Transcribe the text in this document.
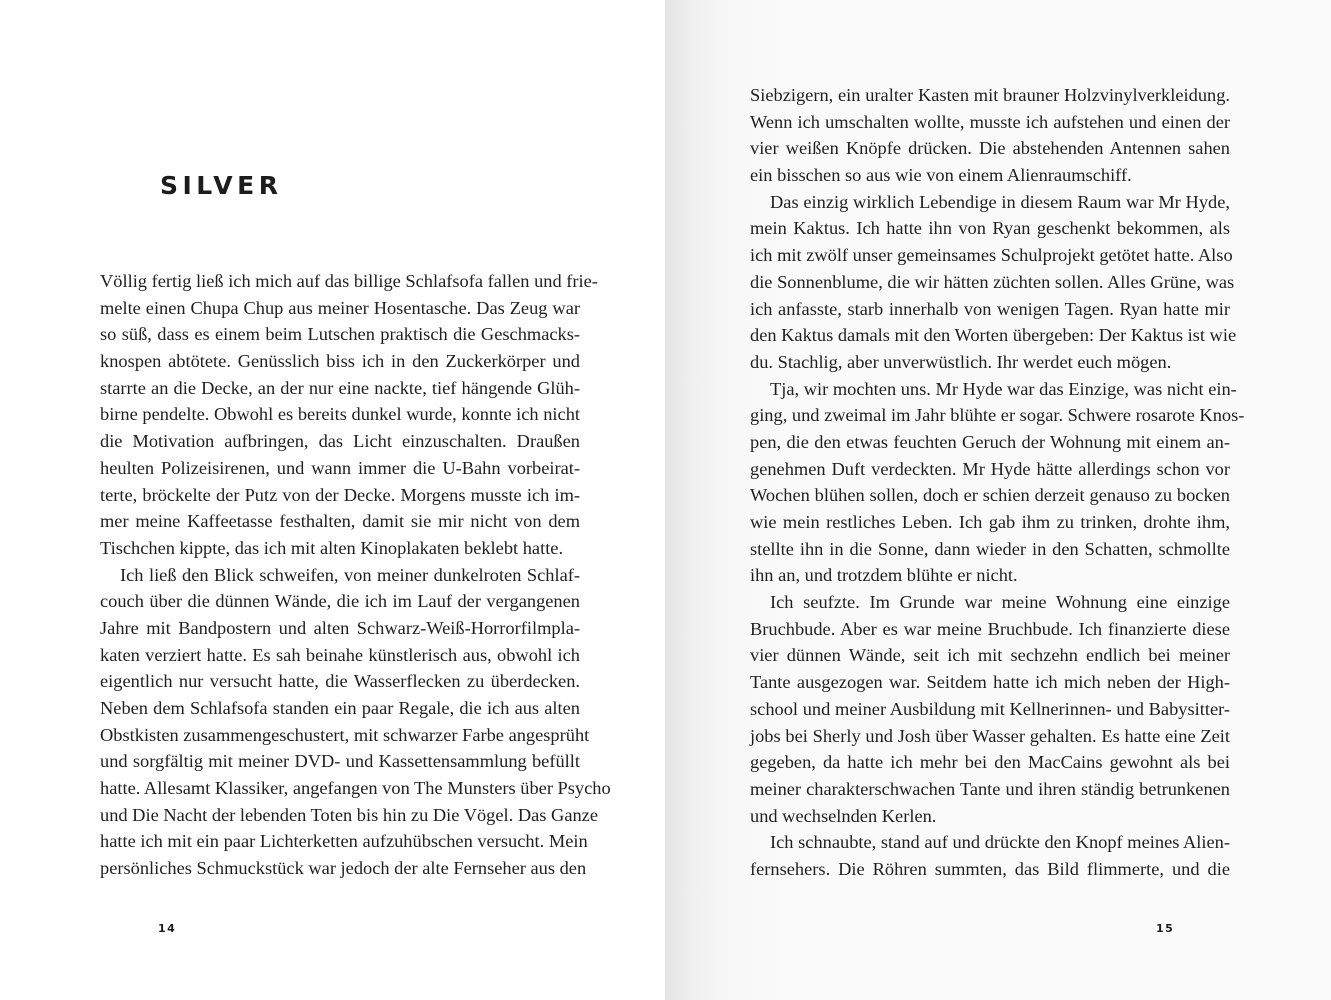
SILVER
Völlig fertig ließ ich mich auf das billige Schlafsofa fallen und frie-
melte einen Chupa Chup aus meiner Hosentasche. Das Zeug war
so süß, dass es einem beim Lutschen praktisch die Geschmacks-
knospen abtötete. Genüsslich biss ich in den Zuckerkörper und
starrte an die Decke, an der nur eine nackte, tief hängende Glüh-
birne pendelte. Obwohl es bereits dunkel wurde, konnte ich nicht
die Motivation aufbringen, das Licht einzuschalten. Draußen
heulten Polizeisirenen, und wann immer die U-Bahn vorbeirat-
terte, bröckelte der Putz von der Decke. Morgens musste ich im-
mer meine Kaffeetasse festhalten, damit sie mir nicht von dem
Tischchen kippte, das ich mit alten Kinoplakaten beklebt hatte.
Ich ließ den Blick schweifen, von meiner dunkelroten Schlaf-
couch über die dünnen Wände, die ich im Lauf der vergangenen
Jahre mit Bandpostern und alten Schwarz-Weiß-Horrorfilmpla-
katen verziert hatte. Es sah beinahe künstlerisch aus, obwohl ich
eigentlich nur versucht hatte, die Wasserflecken zu überdecken.
Neben dem Schlafsofa standen ein paar Regale, die ich aus alten
Obstkisten zusammengeschustert, mit schwarzer Farbe angesprüht
und sorgfältig mit meiner DVD- und Kassettensammlung befüllt
hatte. Allesamt Klassiker, angefangen von The Munsters über Psycho
und Die Nacht der lebenden Toten bis hin zu Die Vögel. Das Ganze
hatte ich mit ein paar Lichterketten aufzuhübschen versucht. Mein
persönliches Schmuckstück war jedoch der alte Fernseher aus den
14
Siebzigern, ein uralter Kasten mit brauner Holzvinylverkleidung.
Wenn ich umschalten wollte, musste ich aufstehen und einen der
vier weißen Knöpfe drücken. Die abstehenden Antennen sahen
ein bisschen so aus wie von einem Alienraumschiff.
Das einzig wirklich Lebendige in diesem Raum war Mr Hyde,
mein Kaktus. Ich hatte ihn von Ryan geschenkt bekommen, als
ich mit zwölf unser gemeinsames Schulprojekt getötet hatte. Also
die Sonnenblume, die wir hätten züchten sollen. Alles Grüne, was
ich anfasste, starb innerhalb von wenigen Tagen. Ryan hatte mir
den Kaktus damals mit den Worten übergeben: Der Kaktus ist wie
du. Stachlig, aber unverwüstlich. Ihr werdet euch mögen.
Tja, wir mochten uns. Mr Hyde war das Einzige, was nicht ein-
ging, und zweimal im Jahr blühte er sogar. Schwere rosarote Knos-
pen, die den etwas feuchten Geruch der Wohnung mit einem an-
genehmen Duft verdeckten. Mr Hyde hätte allerdings schon vor
Wochen blühen sollen, doch er schien derzeit genauso zu bocken
wie mein restliches Leben. Ich gab ihm zu trinken, drohte ihm,
stellte ihn in die Sonne, dann wieder in den Schatten, schmollte
ihn an, und trotzdem blühte er nicht.
Ich seufzte. Im Grunde war meine Wohnung eine einzige
Bruchbude. Aber es war meine Bruchbude. Ich finanzierte diese
vier dünnen Wände, seit ich mit sechzehn endlich bei meiner
Tante ausgezogen war. Seitdem hatte ich mich neben der High-
school und meiner Ausbildung mit Kellnerinnen- und Babysitter-
jobs bei Sherly und Josh über Wasser gehalten. Es hatte eine Zeit
gegeben, da hatte ich mehr bei den MacCains gewohnt als bei
meiner charakterschwachen Tante und ihren ständig betrunkenen
und wechselnden Kerlen.
Ich schnaubte, stand auf und drückte den Knopf meines Alien-
fernsehers. Die Röhren summten, das Bild flimmerte, und die
15
